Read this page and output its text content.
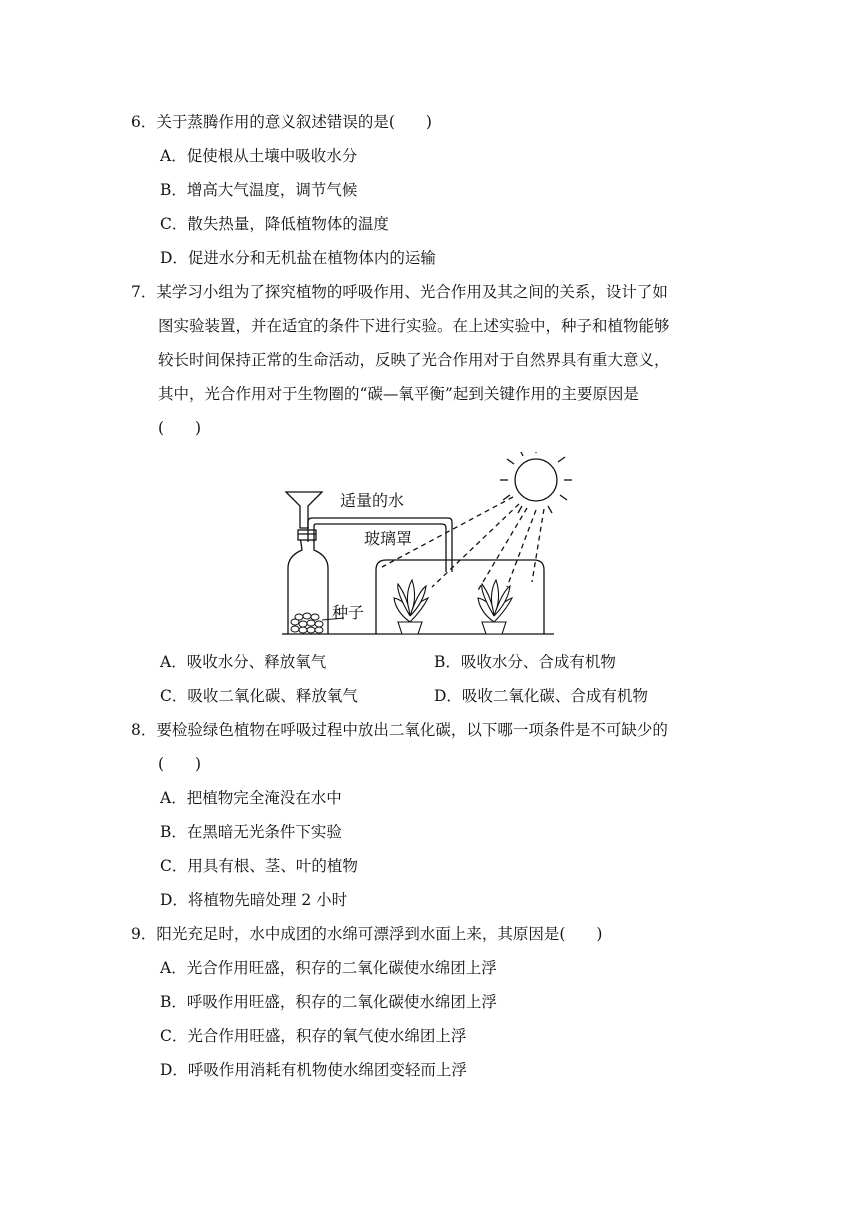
6．关于蒸腾作用的意义叙述错误的是(　　)
A．促使根从土壤中吸收水分
B．增高大气温度，调节气候
C．散失热量，降低植物体的温度
D．促进水分和无机盐在植物体内的运输
7．某学习小组为了探究植物的呼吸作用、光合作用及其之间的关系，设计了如
图实验装置，并在适宜的条件下进行实验。在上述实验中，种子和植物能够
较长时间保持正常的生命活动，反映了光合作用对于自然界具有重大意义，
其中，光合作用对于生物圈的“碳—氧平衡”起到关键作用的主要原因是
(　　)
适量的水
玻璃罩
种子
A．吸收水分、释放氧气	B．吸收水分、合成有机物
C．吸收二氧化碳、释放氧气	D．吸收二氧化碳、合成有机物
8．要检验绿色植物在呼吸过程中放出二氧化碳，以下哪一项条件是不可缺少的
(　　)
A．把植物完全淹没在水中
B．在黑暗无光条件下实验
C．用具有根、茎、叶的植物
D．将植物先暗处理 2 小时
9．阳光充足时，水中成团的水绵可漂浮到水面上来，其原因是(　　)
A．光合作用旺盛，积存的二氧化碳使水绵团上浮
B．呼吸作用旺盛，积存的二氧化碳使水绵团上浮
C．光合作用旺盛，积存的氧气使水绵团上浮
D．呼吸作用消耗有机物使水绵团变轻而上浮
